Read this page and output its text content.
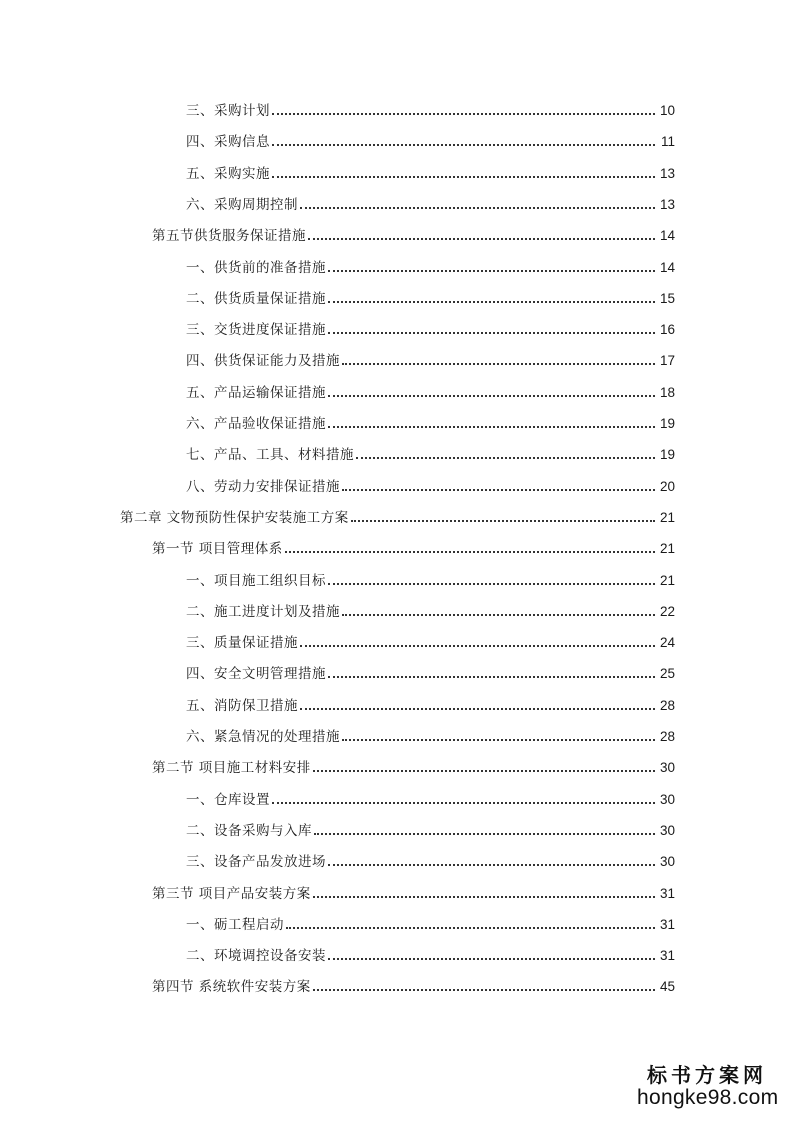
三、采购计划	10
四、采购信息	11
五、采购实施	13
六、采购周期控制	13
第五节供货服务保证措施	14
一、供货前的准备措施	14
二、供货质量保证措施	15
三、交货进度保证措施	16
四、供货保证能力及措施	17
五、产品运输保证措施	18
六、产品验收保证措施	19
七、产品、工具、材料措施	19
八、劳动力安排保证措施	20
第二章 文物预防性保护安装施工方案	21
第一节 项目管理体系	21
一、项目施工组织目标	21
二、施工进度计划及措施	22
三、质量保证措施	24
四、安全文明管理措施	25
五、消防保卫措施	28
六、紧急情况的处理措施	28
第二节 项目施工材料安排	30
一、仓库设置	30
二、设备采购与入库	30
三、设备产品发放进场	30
第三节 项目产品安装方案	31
一、砺工程启动	31
二、环境调控设备安装	31
第四节 系统软件安装方案	45
标书方案网
hongke98.com
